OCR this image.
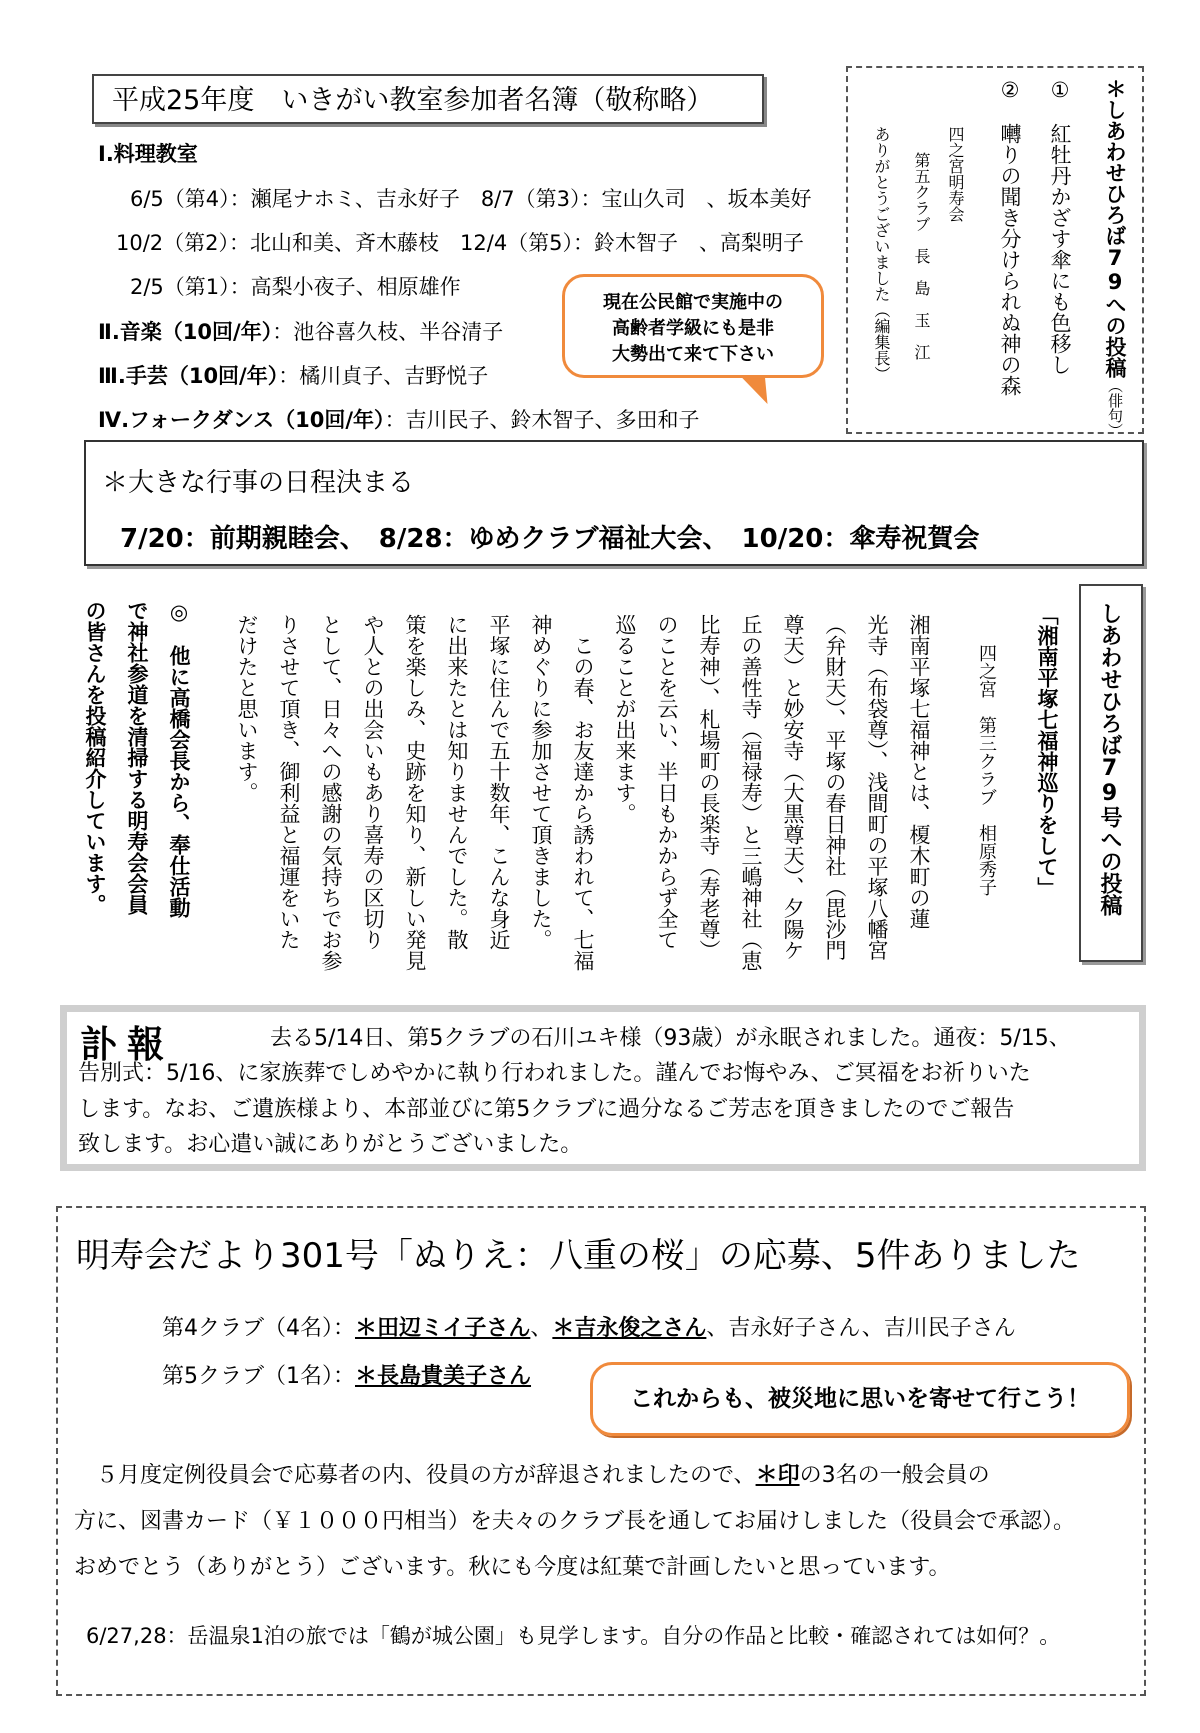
平成25年度　いきがい教室参加者名簿（敬称略）
Ⅰ.料理教室
6/5（第4）：瀬尾ナホミ、吉永好子　8/7（第3）：宝山久司　、坂本美好
10/2（第2）：北山和美、斉木藤枝　12/4（第5）：鈴木智子　、高梨明子
2/5（第1）：高梨小夜子、相原雄作
Ⅱ.音楽（10回/年）：池谷喜久枝、半谷清子
Ⅲ.手芸（10回/年）：橘川貞子、吉野悦子
Ⅳ.フォークダンス（10回/年）：吉川民子、鈴木智子、多田和子
現在公民館で実施中の
高齢者学級にも是非
大勢出て来て下さい	＊しあわせひろば79への投稿（俳句）
①　紅牡丹かざす傘にも色移し
②　囀りの聞き分けられぬ神の森
四之宮明寿会
第五クラブ　長　島　玉　江
ありがとうございました（編集長）
＊大きな行事の日程決まる
7/20：前期親睦会、　8/28：ゆめクラブ福祉大会、　10/20：傘寿祝賀会
しあわせひろば79号への投稿
「湘南平塚七福神巡りをして」
四之宮　第三クラブ　相原秀子
湘南平塚七福神とは、榎木町の蓮
光寺（布袋尊）、浅間町の平塚八幡宮
（弁財天）、平塚の春日神社（毘沙門
尊天）と妙安寺（大黒尊天）、夕陽ケ
丘の善性寺（福禄寿）と三嶋神社（恵
比寿神）、札場町の長楽寺（寿老尊）
のことを云い、半日もかからず全て
巡ることが出来ます。
　この春、お友達から誘われて、七福
神めぐりに参加させて頂きました。
平塚に住んで五十数年、こんな身近
に出来たとは知りませんでした。散
策を楽しみ、史跡を知り、新しい発見
や人との出会いもあり喜寿の区切り
として、日々への感謝の気持ちでお参
りさせて頂き、御利益と福運をいた
だけたと思います。
◎　他に高橋会長から、奉仕活動
で神社参道を清掃する明寿会会員
の皆さんを投稿紹介しています。
訃報	去る5/14日、第5クラブの石川ユキ様（93歳）が永眠されました。通夜：5/15、
告別式：5/16、に家族葬でしめやかに執り行われました。謹んでお悔やみ、ご冥福をお祈りいた
します。なお、ご遺族様より、本部並びに第5クラブに過分なるご芳志を頂きましたのでご報告
致します。お心遣い誠にありがとうございました。
明寿会だより301号「ぬりえ：八重の桜」の応募、5件ありました
第4クラブ（4名）：＊田辺ミイ子さん、＊吉永俊之さん、吉永好子さん、吉川民子さん
第5クラブ（1名）：＊長島貴美子さん
これからも、被災地に思いを寄せて行こう！
５月度定例役員会で応募者の内、役員の方が辞退されましたので、＊印の3名の一般会員の
方に、図書カード（￥１０００円相当）を夫々のクラブ長を通してお届けしました（役員会で承認）。
おめでとう（ありがとう）ございます。秋にも今度は紅葉で計画したいと思っています。
6/27,28：岳温泉1泊の旅では「鶴が城公園」も見学します。自分の作品と比較・確認されては如何？。
